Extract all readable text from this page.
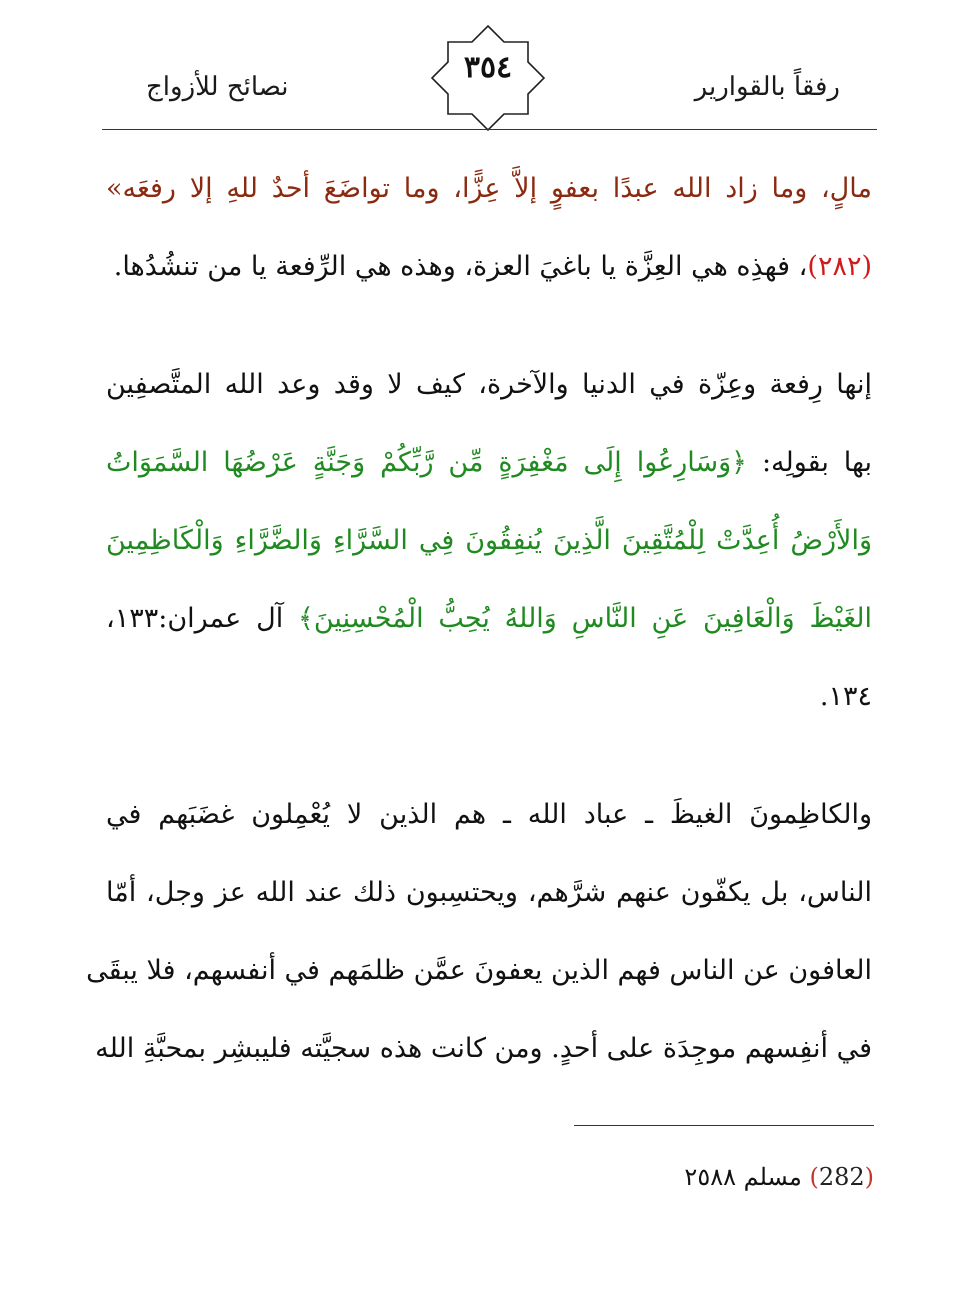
رفقاً بالقوارير
نصائح للأزواج
٣٥٤
مالٍ، وما زاد الله عبدًا بعفوٍ إلاَّ عِزًّا، وما تواضَعَ أحدٌ للهِ إلا رفعَه»
(٢٨٢)، فهذِه هي العِزَّة يا باغيَ العزة، وهذه هي الرِّفعة يا من تنشُدُها.
إنها رِفعة وعِزّة في الدنيا والآخرة، كيف لا وقد وعد الله المتَّصفِين
بها بقولِه: ﴿وَسَارِعُوا إِلَى مَغْفِرَةٍ مِّن رَّبِّكُمْ وَجَنَّةٍ عَرْضُهَا السَّمَوَاتُ
وَالأَرْضُ أُعِدَّتْ لِلْمُتَّقِينَ الَّذِينَ يُنفِقُونَ فِي السَّرَّاءِ وَالضَّرَّاءِ وَالْكَاظِمِينَ
الغَيْظَ وَالْعَافِينَ عَنِ النَّاسِ وَاللهُ يُحِبُّ الْمُحْسِنِينَ﴾ آل عمران:١٣٣،
١٣٤.
والكاظِمونَ الغيظَ ـ عباد الله ـ هم الذين لا يُعْمِلون غضَبَهم في
الناس، بل يكفّون عنهم شرَّهم، ويحتسِبون ذلك عند الله عز وجل، أمّا
العافون عن الناس فهم الذين يعفونَ عمَّن ظلمَهم في أنفسهم، فلا يبقَى
في أنفِسهم موجِدَة على أحدٍ. ومن كانت هذه سجيَّته فليبشِر بمحبَّةِ الله
(282) مسلم ٢٥٨٨
